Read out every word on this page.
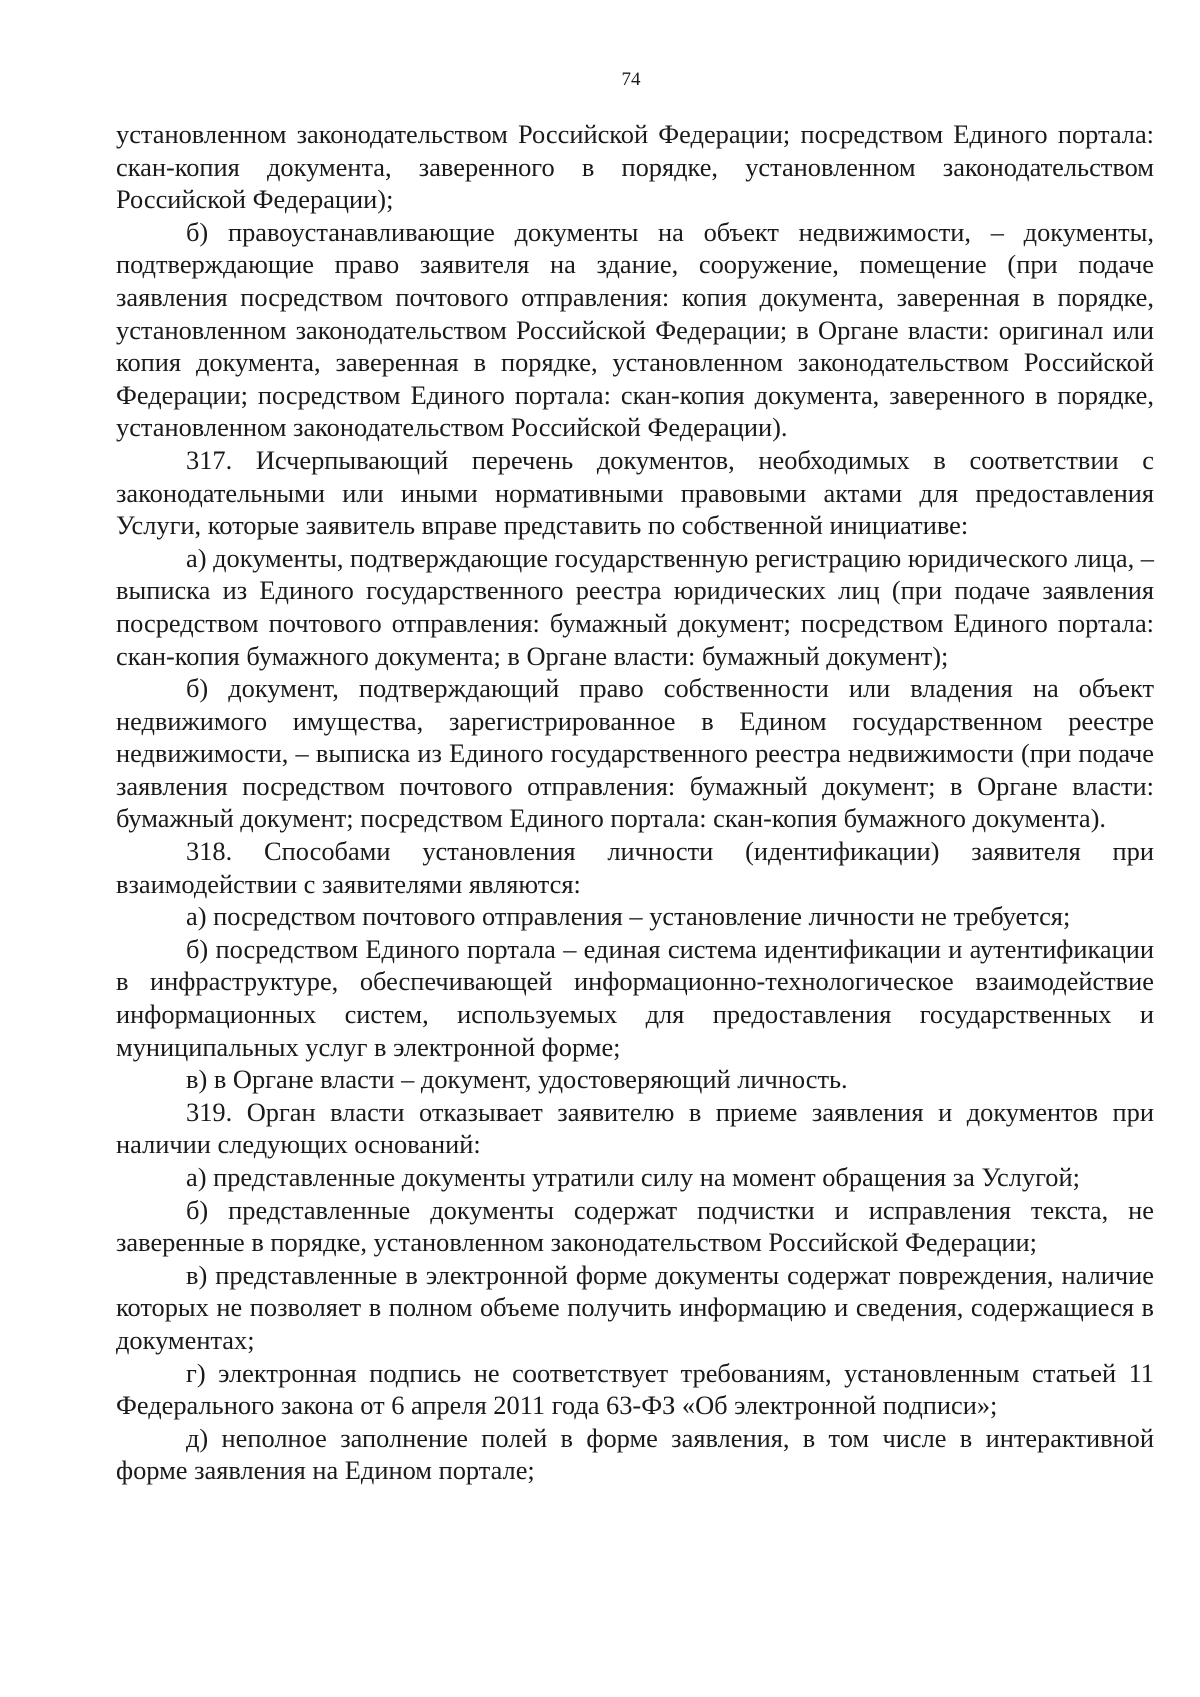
74

установленном законодательством Российской Федерации; посредством Единого портала: скан-копия документа, заверенного в порядке, установленном законодательством Российской Федерации);

б) правоустанавливающие документы на объект недвижимости, – документы, подтверждающие право заявителя на здание, сооружение, помещение (при подаче заявления посредством почтового отправления: копия документа, заверенная в порядке, установленном законодательством Российской Федерации; в Органе власти: оригинал или копия документа, заверенная в порядке, установленном законодательством Российской Федерации; посредством Единого портала: скан-копия документа, заверенного в порядке, установленном законодательством Российской Федерации).

317. Исчерпывающий перечень документов, необходимых в соответствии с законодательными или иными нормативными правовыми актами для предоставления Услуги, которые заявитель вправе представить по собственной инициативе:

а) документы, подтверждающие государственную регистрацию юридического лица, – выписка из Единого государственного реестра юридических лиц (при подаче заявления посредством почтового отправления: бумажный документ; посредством Единого портала: скан-копия бумажного документа; в Органе власти: бумажный документ);

б) документ, подтверждающий право собственности или владения на объект недвижимого имущества, зарегистрированное в Едином государственном реестре недвижимости, – выписка из Единого государственного реестра недвижимости (при подаче заявления посредством почтового отправления: бумажный документ; в Органе власти: бумажный документ; посредством Единого портала: скан-копия бумажного документа).

318. Способами установления личности (идентификации) заявителя при взаимодействии с заявителями являются:

а) посредством почтового отправления – установление личности не требуется;

б) посредством Единого портала – единая система идентификации и аутентификации в инфраструктуре, обеспечивающей информационно-технологическое взаимодействие информационных систем, используемых для предоставления государственных и муниципальных услуг в электронной форме;

в) в Органе власти – документ, удостоверяющий личность.

319. Орган власти отказывает заявителю в приеме заявления и документов при наличии следующих оснований:

а) представленные документы утратили силу на момент обращения за Услугой;

б) представленные документы содержат подчистки и исправления текста, не заверенные в порядке, установленном законодательством Российской Федерации;

в) представленные в электронной форме документы содержат повреждения, наличие которых не позволяет в полном объеме получить информацию и сведения, содержащиеся в документах;

г) электронная подпись не соответствует требованиям, установленным статьей 11 Федерального закона от 6 апреля 2011 года 63-ФЗ «Об электронной подписи»;

д) неполное заполнение полей в форме заявления, в том числе в интерактивной форме заявления на Едином портале;
